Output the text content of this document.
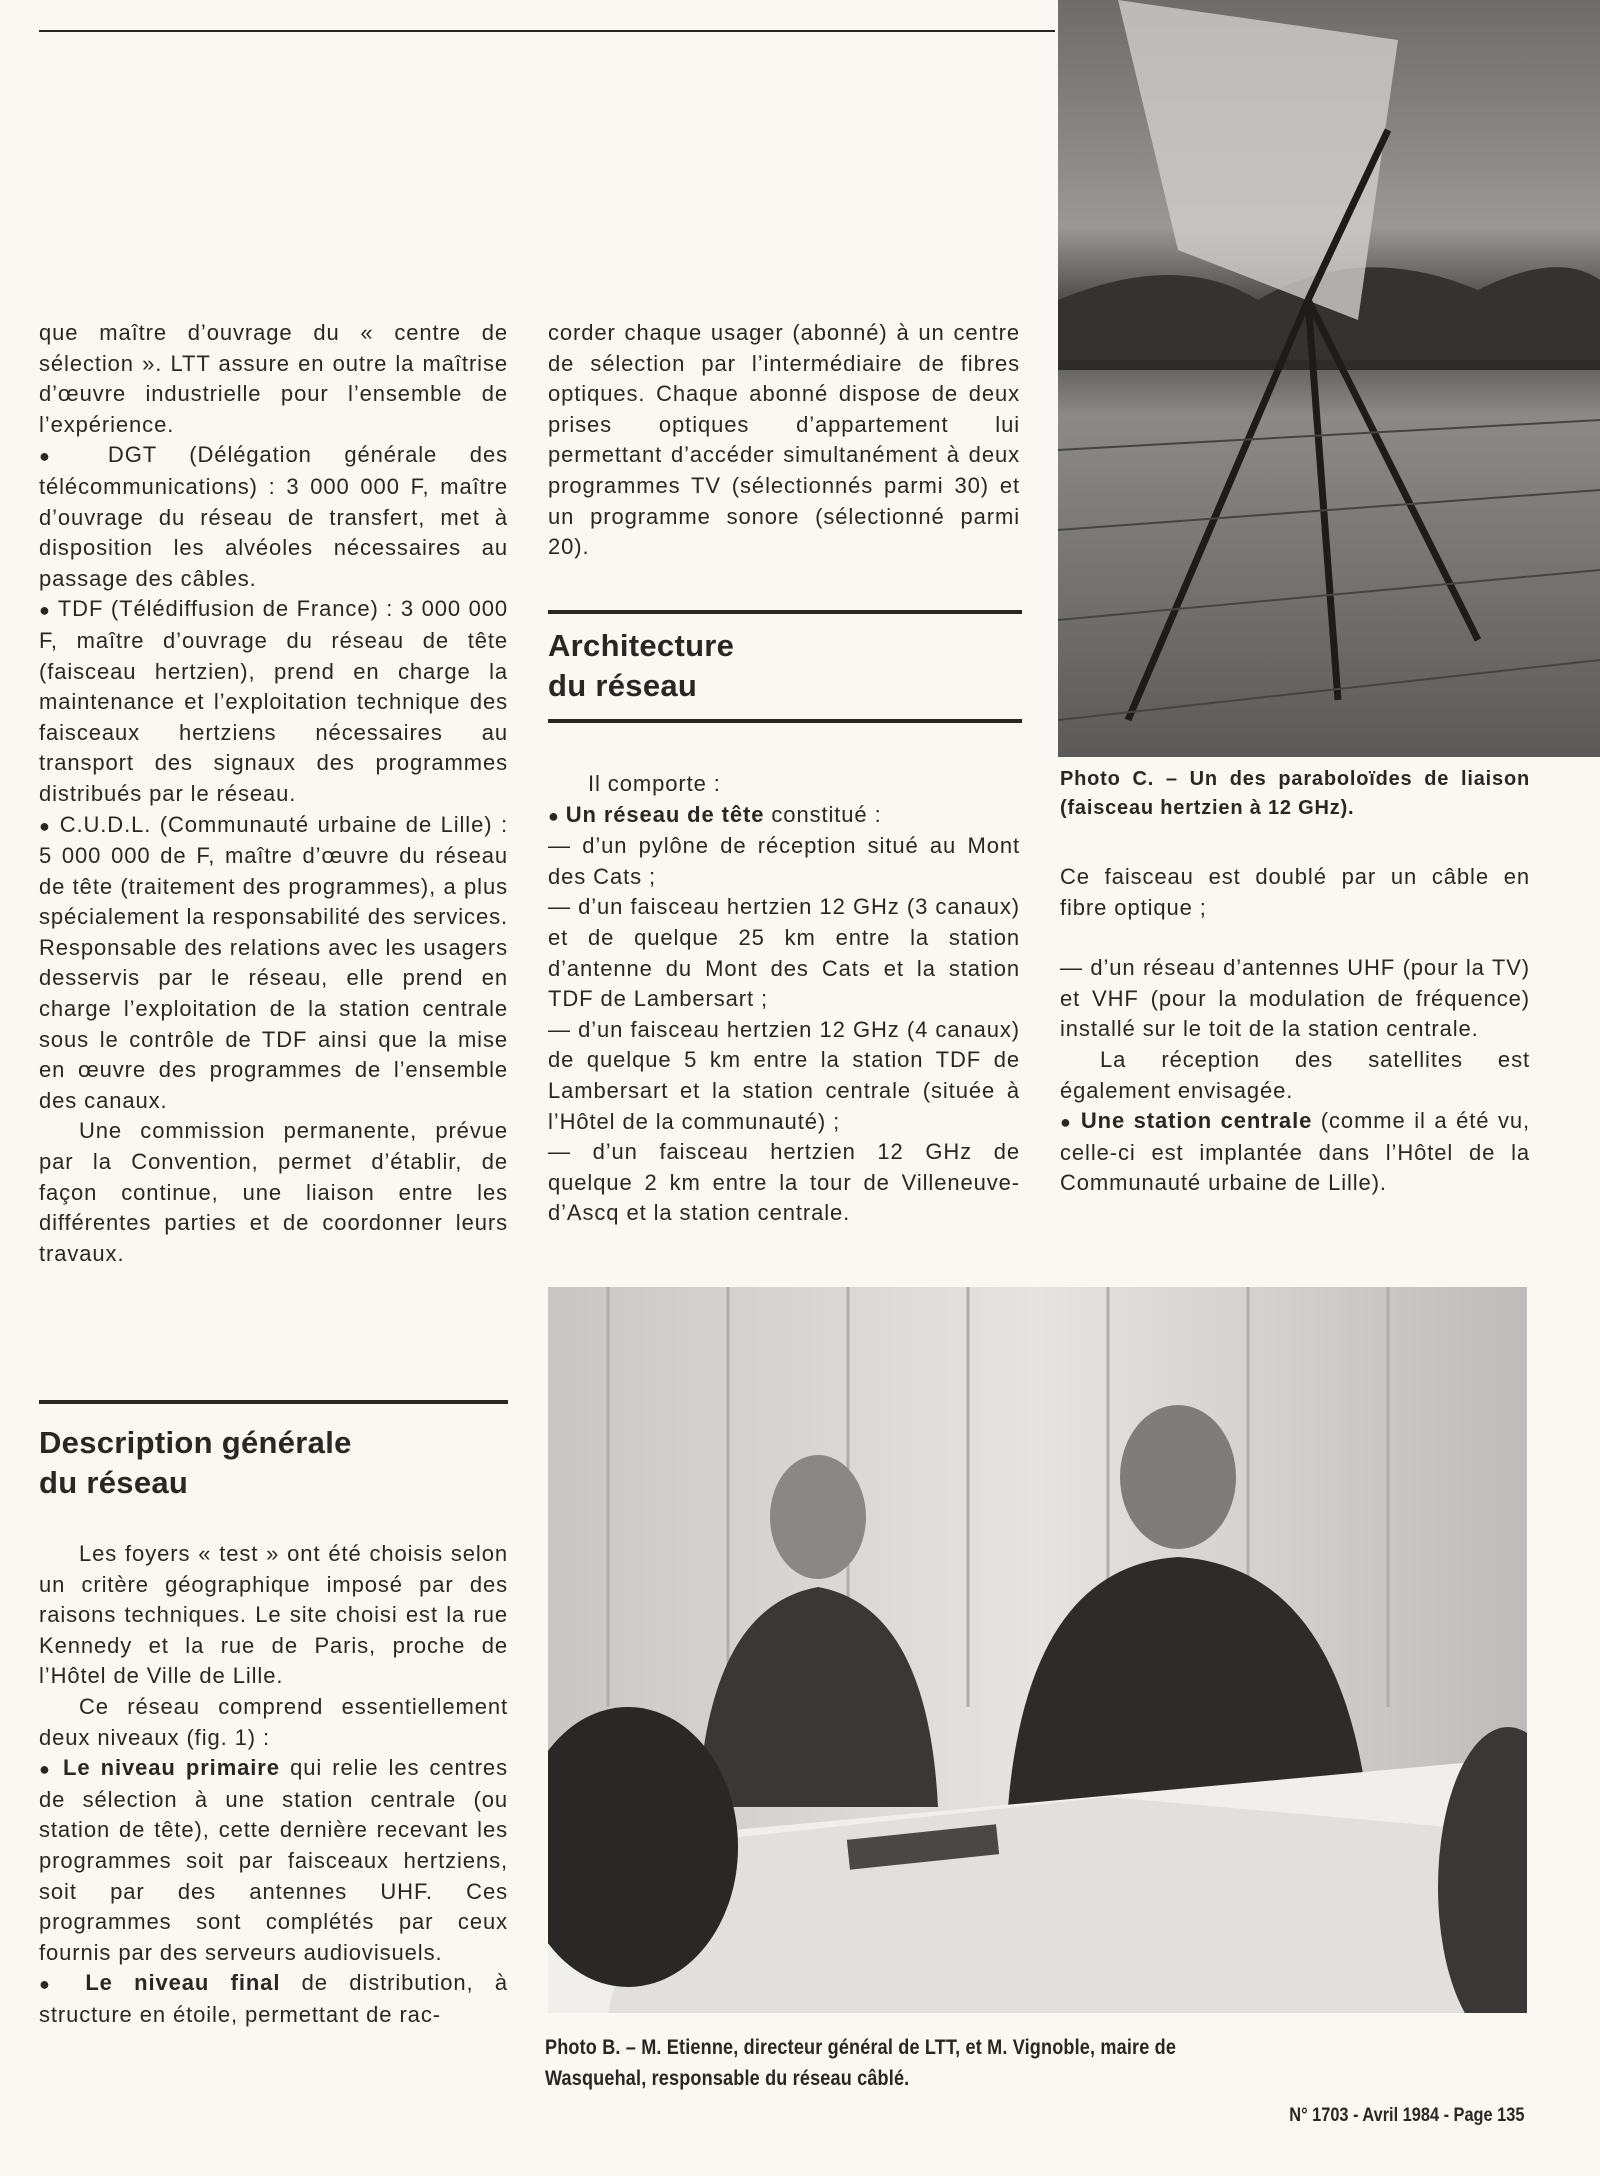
que maître d’ouvrage du « centre de sélection ». LTT assure en outre la maîtrise d’œuvre industrielle pour l’ensemble de l’expérience.

● DGT (Délégation générale des télécommunications) : 3 000 000 F, maître d’ouvrage du réseau de transfert, met à disposition les alvéoles nécessaires au passage des câbles.

● TDF (Télédiffusion de France) : 3 000 000 F, maître d’ouvrage du réseau de tête (faisceau hertzien), prend en charge la maintenance et l’exploitation technique des faisceaux hertziens nécessaires au transport des signaux des programmes distribués par le réseau.

● C.U.D.L. (Communauté urbaine de Lille) : 5 000 000 de F, maître d’œuvre du réseau de tête (traitement des programmes), a plus spécialement la responsabilité des services. Responsable des relations avec les usagers desservis par le réseau, elle prend en charge l’exploitation de la station centrale sous le contrôle de TDF ainsi que la mise en œuvre des programmes de l’ensemble des canaux.

Une commission permanente, prévue par la Convention, permet d’établir, de façon continue, une liaison entre les différentes parties et de coordonner leurs travaux.

Description générale
du réseau

Les foyers « test » ont été choisis selon un critère géographique imposé par des raisons techniques. Le site choisi est la rue Kennedy et la rue de Paris, proche de l’Hôtel de Ville de Lille.

Ce réseau comprend essentiellement deux niveaux (fig. 1) :

● Le niveau primaire qui relie les centres de sélection à une station centrale (ou station de tête), cette dernière recevant les programmes soit par faisceaux hertziens, soit par des antennes UHF. Ces programmes sont complétés par ceux fournis par des serveurs audiovisuels.

● Le niveau final de distribution, à structure en étoile, permettant de rac-

corder chaque usager (abonné) à un centre de sélection par l’intermédiaire de fibres optiques. Chaque abonné dispose de deux prises optiques d’appartement lui permettant d’accéder simultanément à deux programmes TV (sélectionnés parmi 30) et un programme sonore (sélectionné parmi 20).

Architecture
du réseau

Il comporte :

● Un réseau de tête constitué :

— d’un pylône de réception situé au Mont des Cats ;

— d’un faisceau hertzien 12 GHz (3 canaux) et de quelque 25 km entre la station d’antenne du Mont des Cats et la station TDF de Lambersart ;

— d’un faisceau hertzien 12 GHz (4 canaux) de quelque 5 km entre la station TDF de Lambersart et la station centrale (située à l’Hôtel de la communauté) ;

— d’un faisceau hertzien 12 GHz de quelque 2 km entre la tour de Villeneuve-d’Ascq et la station centrale.

Photo C. – Un des paraboloïdes de liaison (faisceau hertzien à 12 GHz).

Ce faisceau est doublé par un câble en fibre optique ;

— d’un réseau d’antennes UHF (pour la TV) et VHF (pour la modulation de fréquence) installé sur le toit de la station centrale.

La réception des satellites est également envisagée.

● Une station centrale (comme il a été vu, celle-ci est implantée dans l’Hôtel de la Communauté urbaine de Lille).

Photo B. – M. Etienne, directeur général de LTT, et M. Vignoble, maire de
Wasquehal, responsable du réseau câblé.
N° 1703 - Avril 1984 - Page 135
